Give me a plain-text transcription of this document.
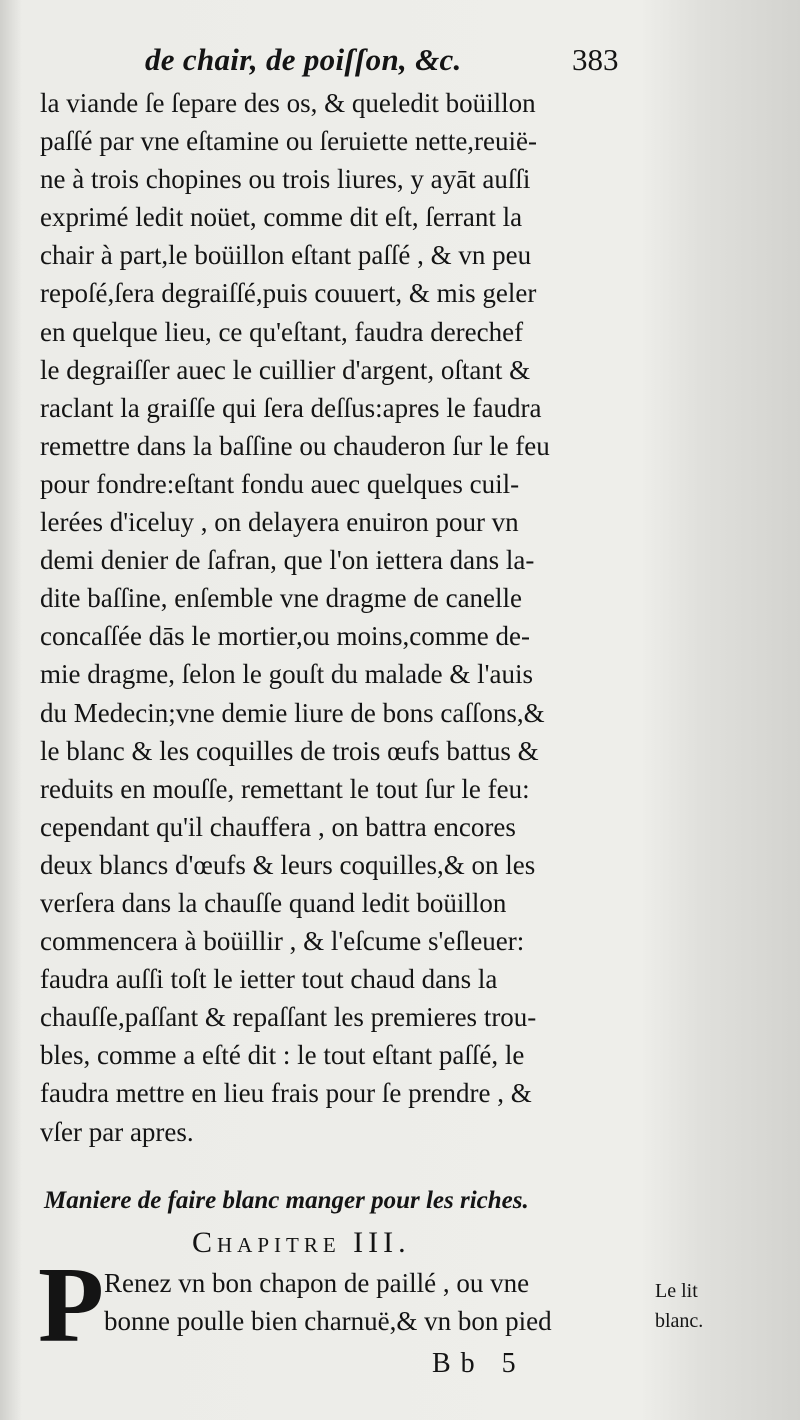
de chair, de poiſſon, &c.	383
la viande ſe ſepare des os, & queledit boüillon
paſſé par vne eſtamine ou ſeruiette nette,reuië-
ne à trois chopines ou trois liures, y ayāt auſſi
exprimé ledit noüet, comme dit eſt, ſerrant la
chair à part,le boüillon eſtant paſſé , & vn peu
repoſé,ſera degraiſſé,puis couuert, & mis geler
en quelque lieu, ce qu'eſtant, faudra derechef
le degraiſſer auec le cuillier d'argent, oſtant &
raclant la graiſſe qui ſera deſſus:apres le faudra
remettre dans la baſſine ou chauderon ſur le feu
pour fondre:eſtant fondu auec quelques cuil-
lerées d'iceluy , on delayera enuiron pour vn
demi denier de ſafran, que l'on iettera dans la-
dite baſſine, enſemble vne dragme de canelle
concaſſée dās le mortier,ou moins,comme de-
mie dragme, ſelon le gouſt du malade & l'auis
du Medecin;vne demie liure de bons caſſons,&
le blanc & les coquilles de trois œufs battus &
reduits en mouſſe, remettant le tout ſur le feu:
cependant qu'il chauffera , on battra encores
deux blancs d'œufs & leurs coquilles,& on les
verſera dans la chauſſe quand ledit boüillon
commencera à boüillir , & l'eſcume s'eſleuer:
faudra auſſi toſt le ietter tout chaud dans la
chauſſe,paſſant & repaſſant les premieres trou-
bles, comme a eſté dit : le tout eſtant paſſé, le
faudra mettre en lieu frais pour ſe prendre , &
vſer par apres.
Maniere de faire blanc manger pour les riches.
Chapitre III.
P Renez vn bon chapon de paillé , ou vne
bonne poulle bien charnuë,& vn bon pied
Le lit
blanc.
Bb 5
